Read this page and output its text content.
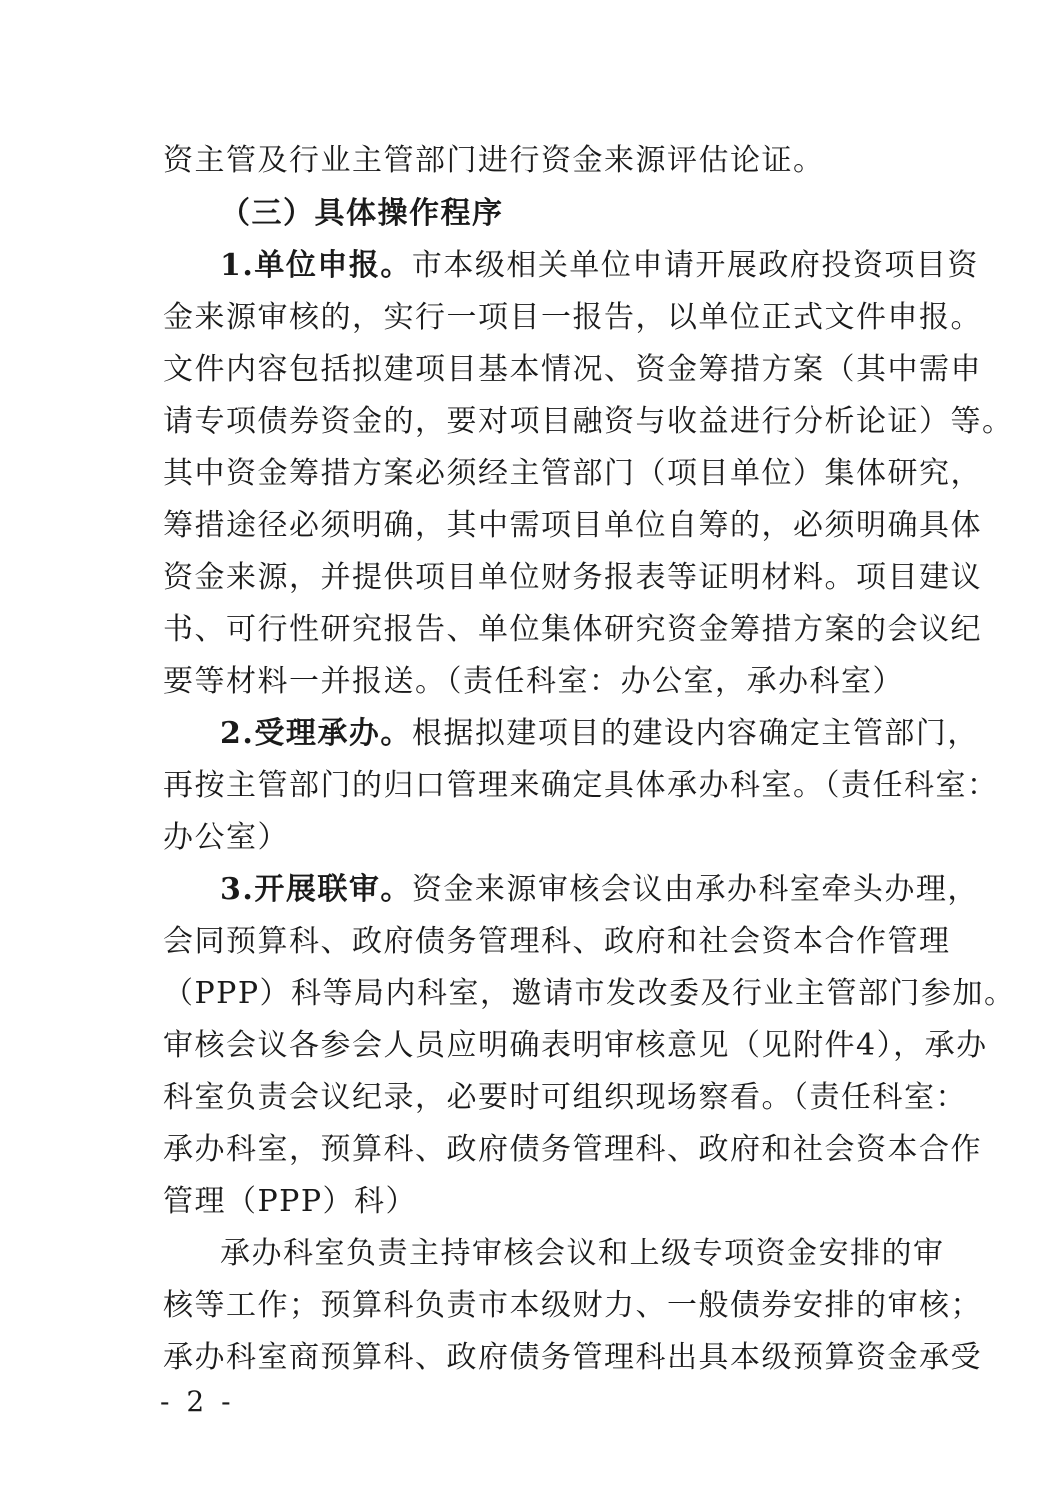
资主管及行业主管部门进行资金来源评估论证。
（三）具体操作程序
1.单位申报。市本级相关单位申请开展政府投资项目资
金来源审核的，实行一项目一报告，以单位正式文件申报。
文件内容包括拟建项目基本情况、资金筹措方案（其中需申
请专项债券资金的，要对项目融资与收益进行分析论证）等。
其中资金筹措方案必须经主管部门（项目单位）集体研究，
筹措途径必须明确，其中需项目单位自筹的，必须明确具体
资金来源，并提供项目单位财务报表等证明材料。项目建议
书、可行性研究报告、单位集体研究资金筹措方案的会议纪
要等材料一并报送。（责任科室：办公室，承办科室）
2.受理承办。根据拟建项目的建设内容确定主管部门，
再按主管部门的归口管理来确定具体承办科室。（责任科室：
办公室）
3.开展联审。资金来源审核会议由承办科室牵头办理，
会同预算科、政府债务管理科、政府和社会资本合作管理
（PPP）科等局内科室，邀请市发改委及行业主管部门参加。
审核会议各参会人员应明确表明审核意见（见附件4），承办
科室负责会议纪录，必要时可组织现场察看。（责任科室：
承办科室，预算科、政府债务管理科、政府和社会资本合作
管理（PPP）科）
承办科室负责主持审核会议和上级专项资金安排的审
核等工作；预算科负责市本级财力、一般债券安排的审核；
承办科室商预算科、政府债务管理科出具本级预算资金承受
- 2 -
